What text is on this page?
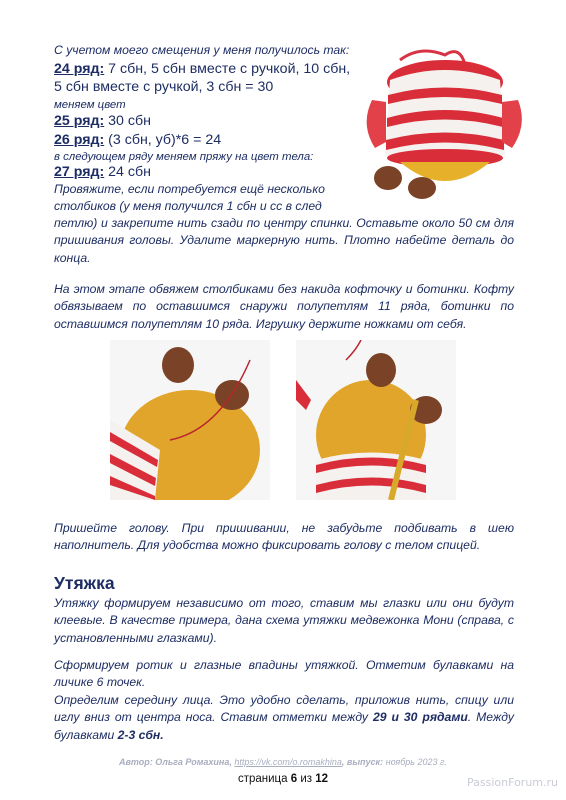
С учетом моего смещения у меня получилось так:
24 ряд: 7 сбн, 5 сбн вместе с ручкой, 10 сбн,
5 сбн вместе с ручкой, 3 сбн = 30
меняем цвет
25 ряд: 30 сбн
26 ряд: (3 сбн, уб)*6 = 24
в следующем ряду меняем пряжу на цвет тела:
27 ряд: 24 сбн
Провяжите, если потребуется ещё несколько
столбиков (у меня получился 1 сбн и сс в след
петлю) и закрепите нить сзади по центру спинки. Оставьте около 50 см для пришивания головы. Удалите маркерную нить. Плотно набейте деталь до конца.
На этом этапе обвяжем столбиками без накида кофточку и ботинки. Кофту обвязываем по оставшимся снаружи полупетлям 11 ряда, ботинки по оставшимся полупетлям 10 ряда. Игрушку держите ножками от себя.
Пришейте голову. При пришивании, не забудьте подбивать в шею наполнитель. Для удобства можно фиксировать голову с телом спицей.
Утяжка
Утяжку формируем независимо от того, ставим мы глазки или они будут клеевые. В качестве примера, дана схема утяжки медвежонка Мони (справа, с установленными глазками).
Сформируем ротик и глазные впадины утяжкой. Отметим булавками на личике 6 точек.
Определим середину лица. Это удобно сделать, приложив нить, спицу или иглу вниз от центра носа. Ставим отметки между 29 и 30 рядами. Между булавками 2-3 сбн.
Автор: Ольга Ромахина, https://vk.com/o.romakhina, выпуск: ноябрь 2023 г.
страница 6 из 12	PassionForum.ru
